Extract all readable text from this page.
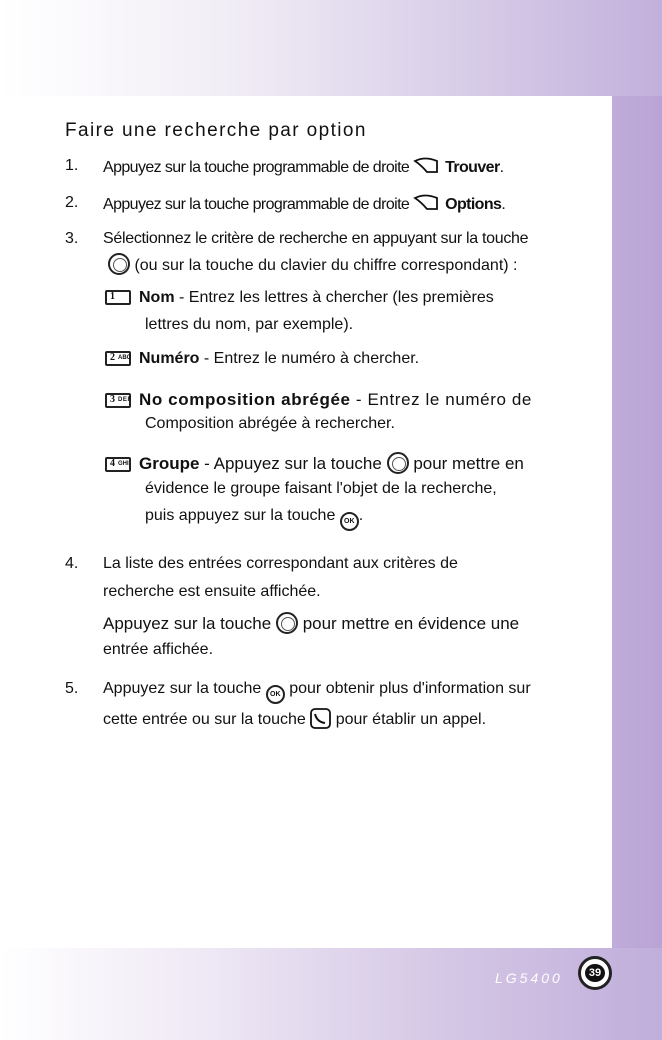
Faire une recherche par option
1. Appuyez sur la touche programmable de droite Trouver.
2. Appuyez sur la touche programmable de droite Options.
3. Sélectionnez le critère de recherche en appuyant sur la touche
(ou sur la touche du clavier du chiffre correspondant) :
1 Nom - Entrez les lettres à chercher (les premières
lettres du nom, par exemple).
2 ABC Numéro - Entrez le numéro à chercher.
3 DEF No composition abrégée - Entrez le numéro de
Composition abrégée à rechercher.
4 GHI Groupe - Appuyez sur la touche pour mettre en
évidence le groupe faisant l'objet de la recherche,
puis appuyez sur la touche OK .
4. La liste des entrées correspondant aux critères de
recherche est ensuite affichée.
Appuyez sur la touche pour mettre en évidence une
entrée affichée.
5. Appuyez sur la touche OK pour obtenir plus d'information sur
cette entrée ou sur la touche pour établir un appel.
LG5400	39
